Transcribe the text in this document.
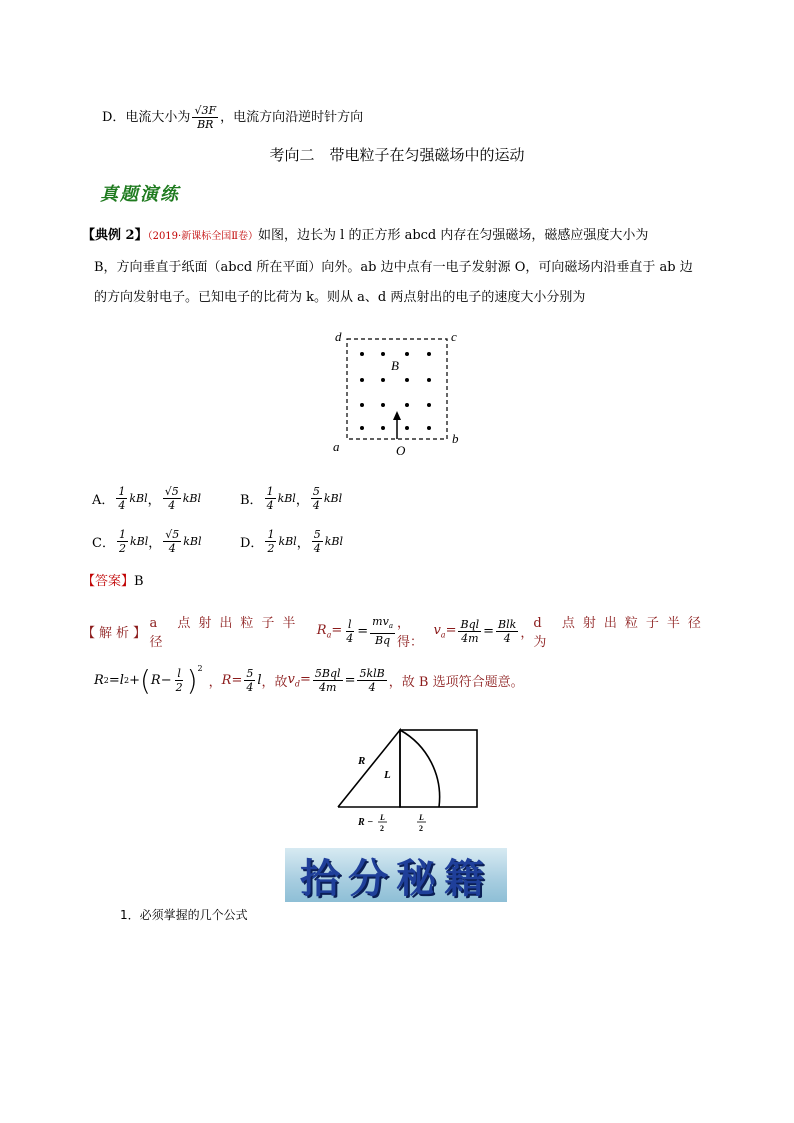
D．电流大小为 $\frac{√3F}{BR}$ ，电流方向沿逆时针方向
考向二　带电粒子在匀强磁场中的运动
真题演练
【典例 2】（2019·新课标全国Ⅱ卷）如图，边长为 l 的正方形 abcd 内存在匀强磁场，磁感应强度大小为
B，方向垂直于纸面（abcd 所在平面）向外。ab 边中点有一电子发射源 O，可向磁场内沿垂直于 ab 边
的方向发射电子。已知电子的比荷为 k。则从 a、d 两点射出的电子的速度大小分别为
d	c
B
a
b
O
A． $\frac{1}{4}$ kBl ， $\frac{√5}{4}$ kBl	B． $\frac{1}{4}$ kBl ， $\frac{5}{4}$ kBl
C． $\frac{1}{2}$ kBl ， $\frac{√5}{4}$ kBl	D． $\frac{1}{2}$ kBl ， $\frac{5}{4}$ kBl
【答案】B
【解析】
a 点射出粒子半径
$R_a= \frac{l}{4} = \frac{mv_a}{Bq}$ ，得：
$v_a= \frac{\text{Bql}}{4m} = \frac{\text{Blk}}{4}$ ，
d 点射出粒子半径为
R 2 = l 2 + ( $R - \frac{l}{2} )^2$
， $R= \frac{5}{4}$ l ，故 $v_d= \frac{\text{5Bql}}{4m} = \frac{\text{5klB}}{4}$ ，故 B 选项符合题意。
R
L
R − L
2
L
2
拾分秘籍
1．必须掌握的几个公式
